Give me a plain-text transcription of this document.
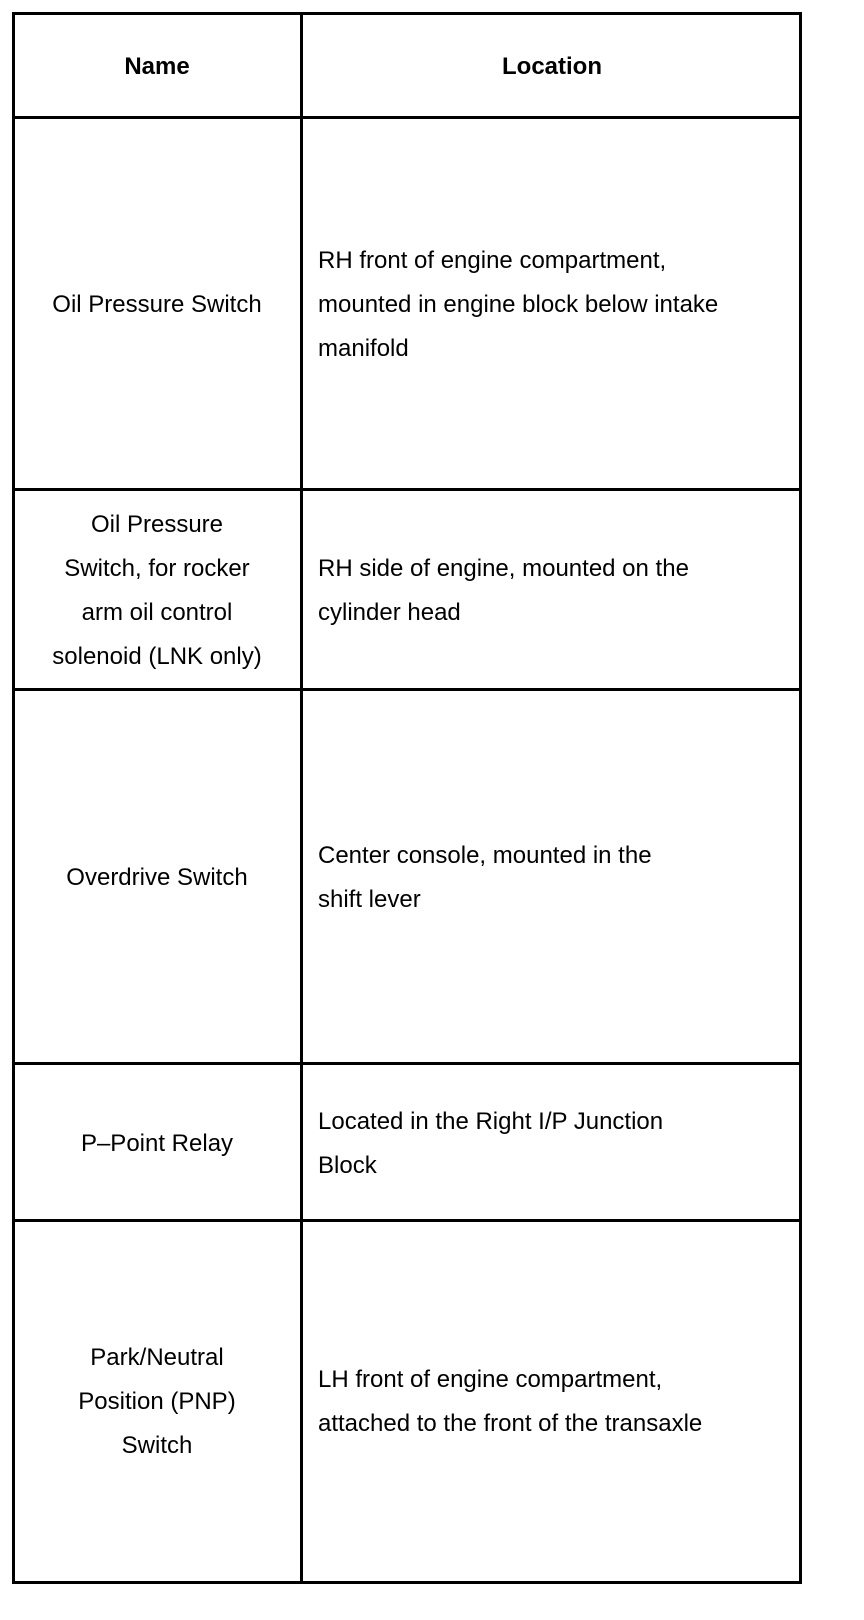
Name	Location
Oil Pressure Switch
RH front of engine compartment, mounted in engine block below intake manifold
Oil Pressure Switch, for rocker arm oil control solenoid (LNK only)
RH side of engine, mounted on the cylinder head
Overdrive Switch
Center console, mounted in the shift lever
P–Point Relay
Located in the Right I/P Junction Block
Park/Neutral Position (PNP) Switch
LH front of engine compartment, attached to the front of the transaxle
